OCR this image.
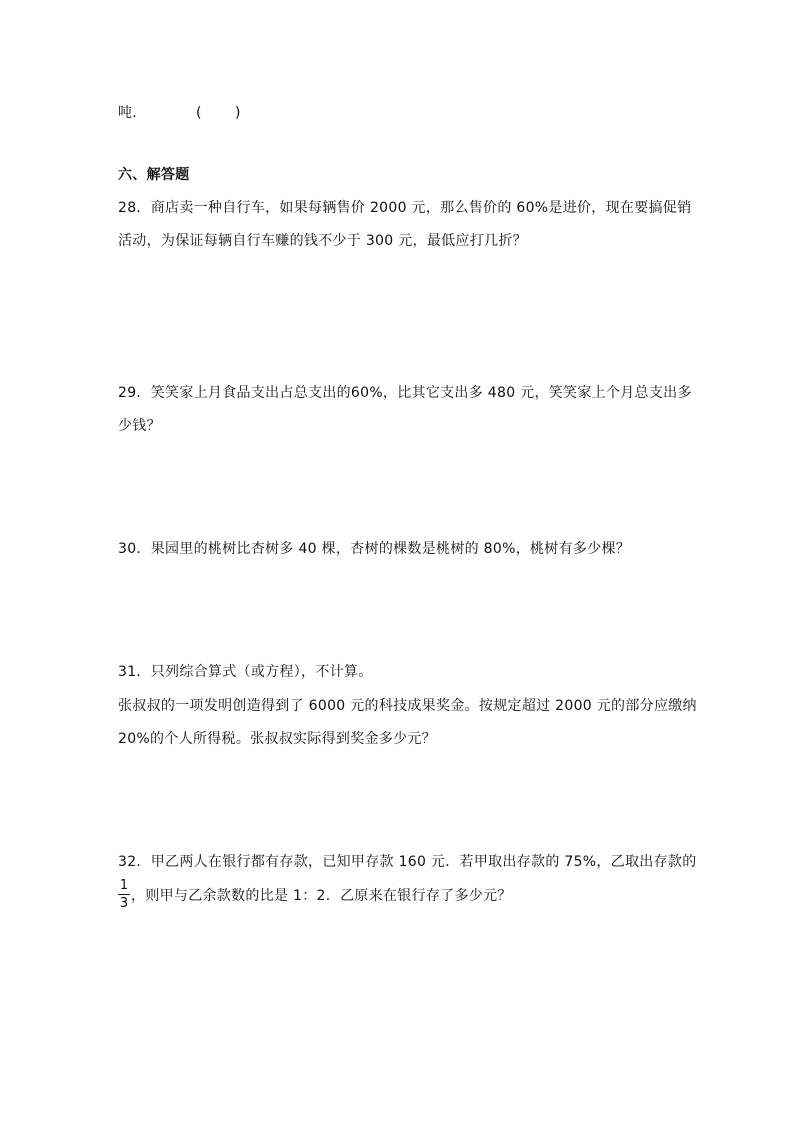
吨．	( )
六、解答题
28．商店卖一种自行车，如果每辆售价 2000 元，那么售价的 60%是进价，现在要搞促销
活动，为保证每辆自行车赚的钱不少于 300 元，最低应打几折？
29．笑笑家上月食品支出占总支出的60%，比其它支出多 480 元，笑笑家上个月总支出多
少钱？
30．果园里的桃树比杏树多 40 棵，杏树的棵数是桃树的 80%，桃树有多少棵？
31．只列综合算式（或方程），不计算。
张叔叔的一项发明创造得到了 6000 元的科技成果奖金。按规定超过 2000 元的部分应缴纳
20%的个人所得税。张叔叔实际得到奖金多少元？
32．甲乙两人在银行都有存款，已知甲存款 160 元．若甲取出存款的 75%，乙取出存款的
1
3 ，则甲与乙余款数的比是 1：2．乙原来在银行存了多少元？
